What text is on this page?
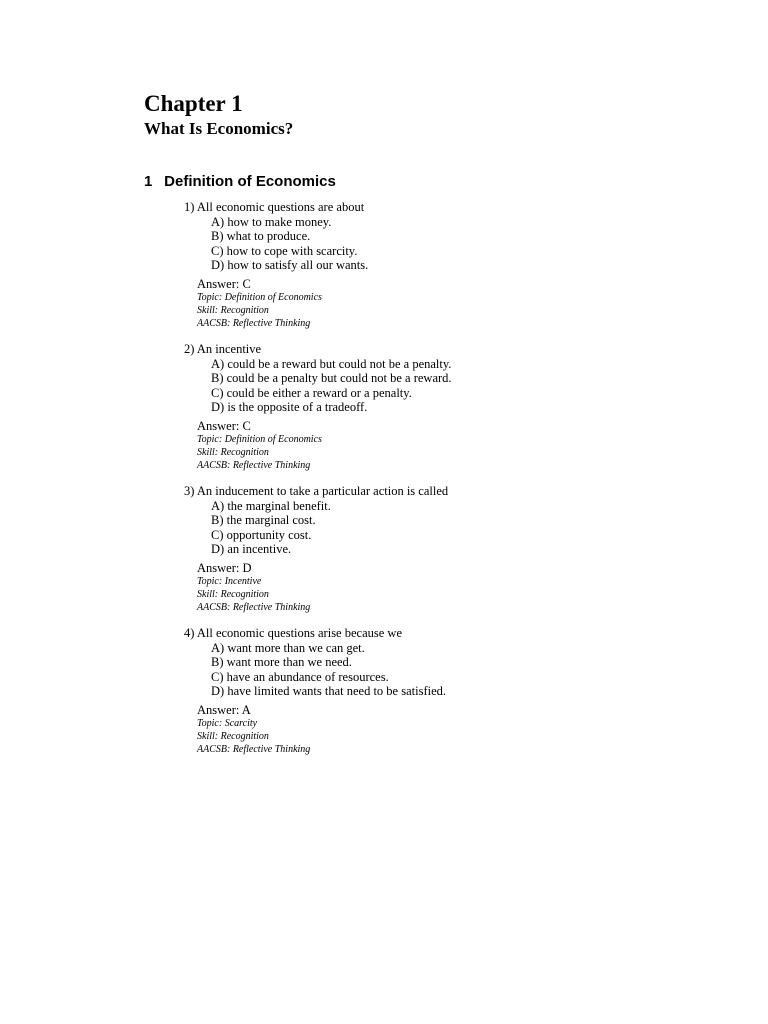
Chapter 1
What Is Economics?
1 Definition of Economics
1) All economic questions are about
A) how to make money.
B) what to produce.
C) how to cope with scarcity.
D) how to satisfy all our wants.
Answer: C
Topic: Definition of Economics
Skill: Recognition
AACSB: Reflective Thinking
2) An incentive
A) could be a reward but could not be a penalty.
B) could be a penalty but could not be a reward.
C) could be either a reward or a penalty.
D) is the opposite of a tradeoff.
Answer: C
Topic: Definition of Economics
Skill: Recognition
AACSB: Reflective Thinking
3) An inducement to take a particular action is called
A) the marginal benefit.
B) the marginal cost.
C) opportunity cost.
D) an incentive.
Answer: D
Topic: Incentive
Skill: Recognition
AACSB: Reflective Thinking
4) All economic questions arise because we
A) want more than we can get.
B) want more than we need.
C) have an abundance of resources.
D) have limited wants that need to be satisfied.
Answer: A
Topic: Scarcity
Skill: Recognition
AACSB: Reflective Thinking
